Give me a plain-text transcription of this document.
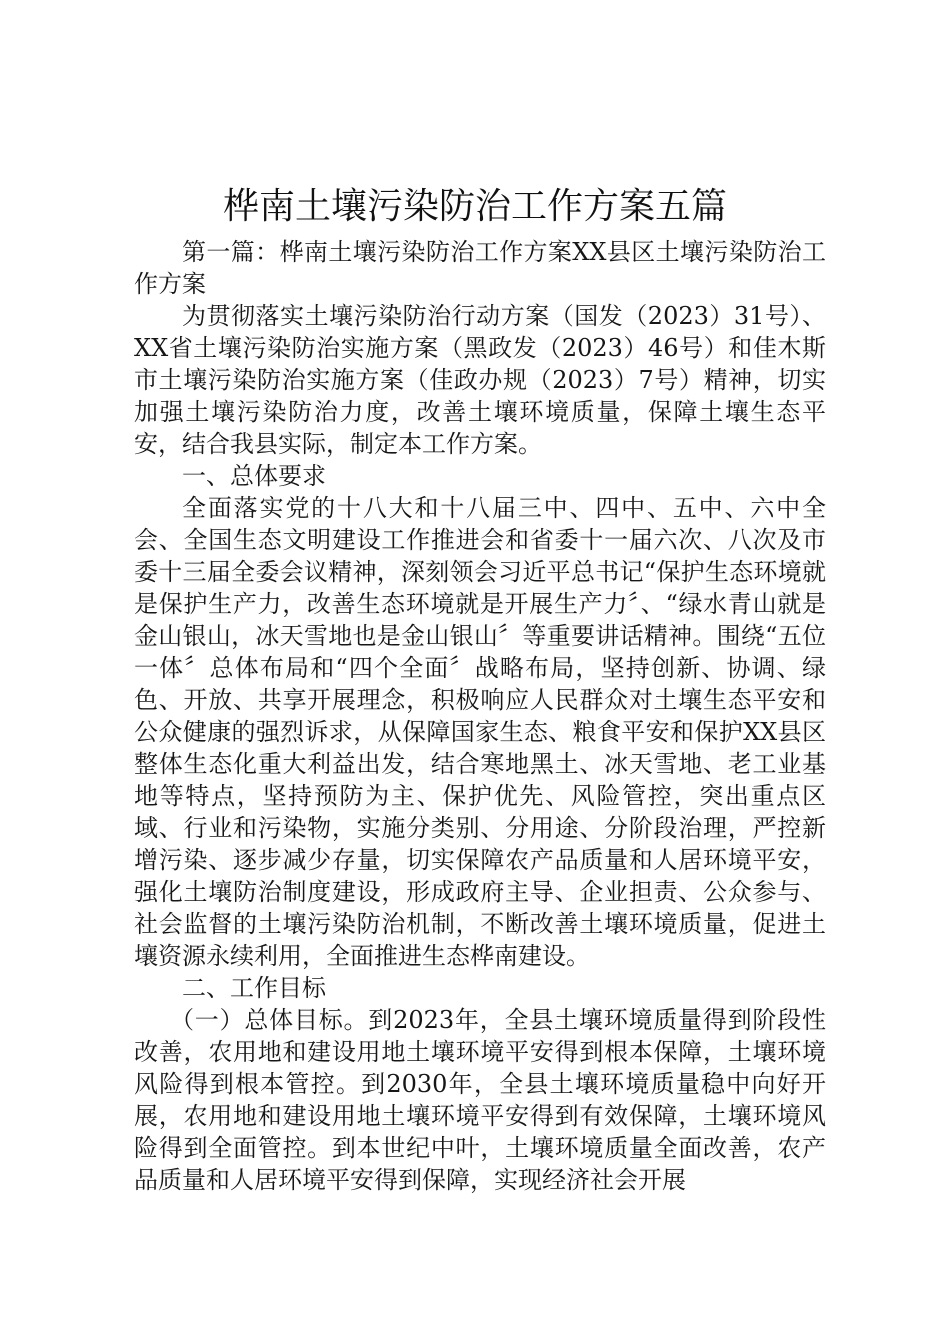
桦南土壤污染防治工作方案五篇

第一篇：桦南土壤污染防治工作方案XX县区土壤污染防治工作方案

为贯彻落实土壤污染防治行动方案（国发（2023）31号）、XX省土壤污染防治实施方案（黑政发（2023）46号）和佳木斯市土壤污染防治实施方案（佳政办规（2023）7号）精神，切实加强土壤污染防治力度，改善土壤环境质量，保障土壤生态平安，结合我县实际，制定本工作方案。

一、总体要求

全面落实党的十八大和十八届三中、四中、五中、六中全会、全国生态文明建设工作推进会和省委十一届六次、八次及市委十三届全委会议精神，深刻领会习近平总书记“保护生态环境就是保护生产力，改善生态环境就是开展生产力〞、“绿水青山就是金山银山，冰天雪地也是金山银山〞等重要讲话精神。围绕“五位一体〞总体布局和“四个全面〞战略布局，坚持创新、协调、绿色、开放、共享开展理念，积极响应人民群众对土壤生态平安和公众健康的强烈诉求，从保障国家生态、粮食平安和保护XX县区整体生态化重大利益出发，结合寒地黑土、冰天雪地、老工业基地等特点，坚持预防为主、保护优先、风险管控，突出重点区域、行业和污染物，实施分类别、分用途、分阶段治理，严控新增污染、逐步减少存量，切实保障农产品质量和人居环境平安，强化土壤防治制度建设，形成政府主导、企业担责、公众参与、社会监督的土壤污染防治机制，不断改善土壤环境质量，促进土壤资源永续利用，全面推进生态桦南建设。

二、工作目标

（一）总体目标。到2023年，全县土壤环境质量得到阶段性改善，农用地和建设用地土壤环境平安得到根本保障，土壤环境风险得到根本管控。到2030年，全县土壤环境质量稳中向好开展，农用地和建设用地土壤环境平安得到有效保障，土壤环境风险得到全面管控。到本世纪中叶，土壤环境质量全面改善，农产品质量和人居环境平安得到保障，实现经济社会开展
